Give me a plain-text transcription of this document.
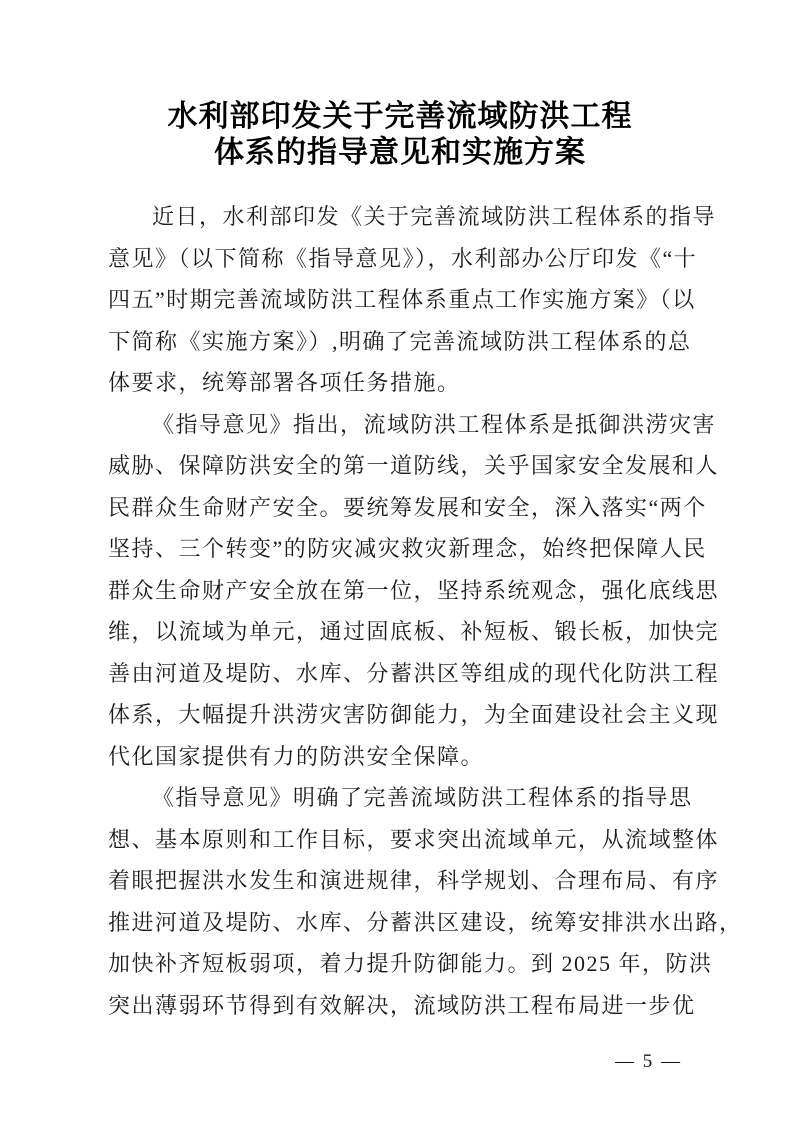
水利部印发关于完善流域防洪工程
体系的指导意见和实施方案
近日，水利部印发《关于完善流域防洪工程体系的指导
意见》（以下简称《指导意见》），水利部办公厅印发《“十
四五”时期完善流域防洪工程体系重点工作实施方案》（以
下简称《实施方案》）,明确了完善流域防洪工程体系的总
体要求，统筹部署各项任务措施。
《指导意见》指出，流域防洪工程体系是抵御洪涝灾害
威胁、保障防洪安全的第一道防线，关乎国家安全发展和人
民群众生命财产安全。要统筹发展和安全，深入落实“两个
坚持、三个转变”的防灾减灾救灾新理念，始终把保障人民
群众生命财产安全放在第一位，坚持系统观念，强化底线思
维，以流域为单元，通过固底板、补短板、锻长板，加快完
善由河道及堤防、水库、分蓄洪区等组成的现代化防洪工程
体系，大幅提升洪涝灾害防御能力，为全面建设社会主义现
代化国家提供有力的防洪安全保障。
《指导意见》明确了完善流域防洪工程体系的指导思
想、基本原则和工作目标，要求突出流域单元，从流域整体
着眼把握洪水发生和演进规律，科学规划、合理布局、有序
推进河道及堤防、水库、分蓄洪区建设，统筹安排洪水出路，
加快补齐短板弱项，着力提升防御能力。到 2025 年，防洪
突出薄弱环节得到有效解决，流域防洪工程布局进一步优
— 5 —
